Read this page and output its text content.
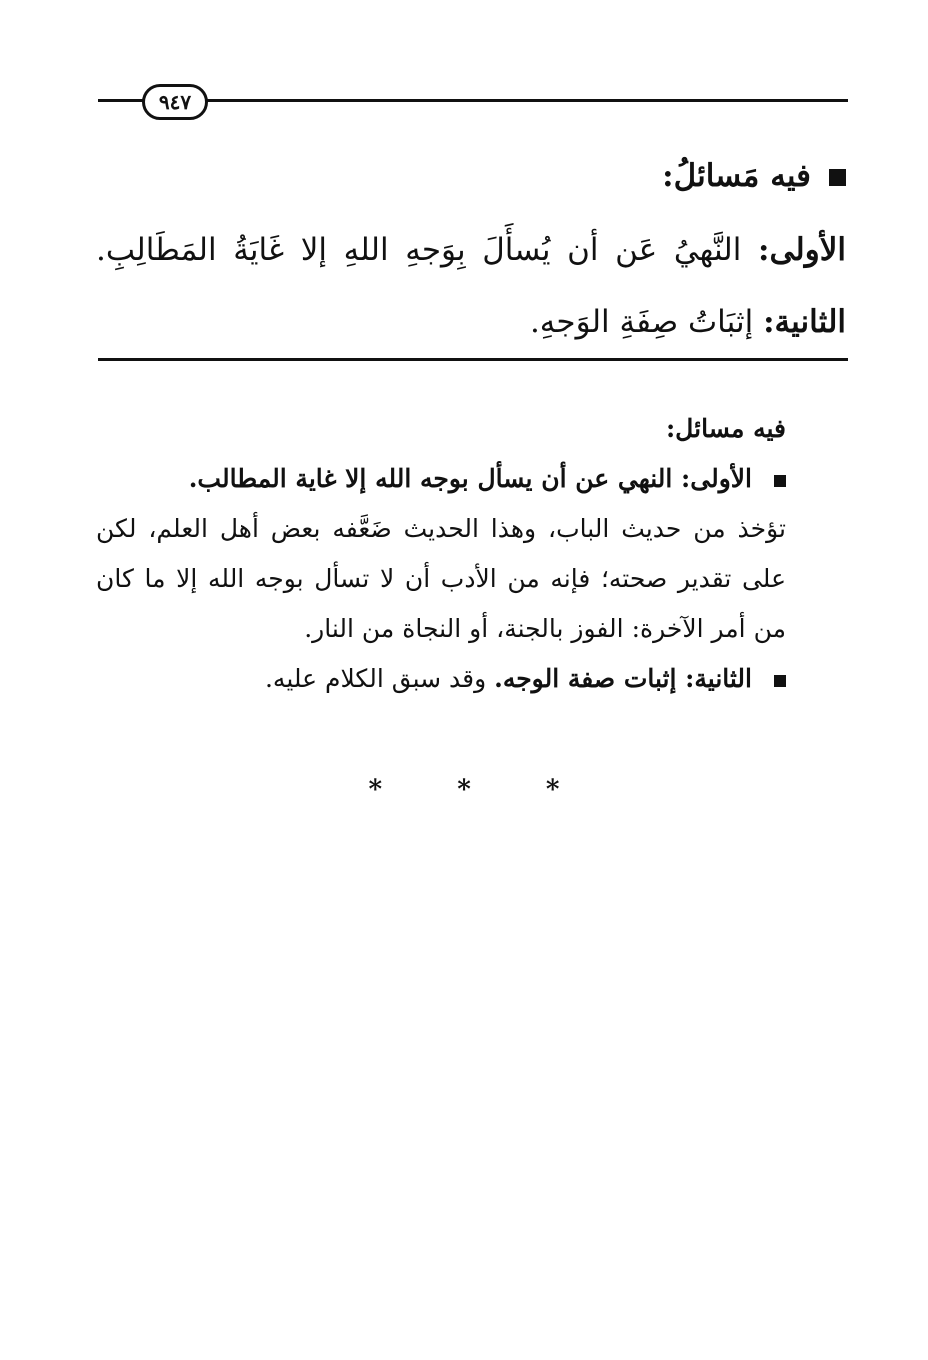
٩٤٧
فيه مَسائلُ:
الأولى: النَّهيُ عَن أن يُسأَلَ بِوَجهِ اللهِ إلا غَايَةُ المَطَالِبِ. الثانية: إثبَاتُ صِفَةِ الوَجهِ.

فيه مسائل:

الأولى: النهي عن أن يسأل بوجه الله إلا غاية المطالب.

تؤخذ من حديث الباب، وهذا الحديث ضَعَّفه بعض أهل العلم، لكن على تقدير صحته؛ فإنه من الأدب أن لا تسأل بوجه الله إلا ما كان من أمر الآخرة: الفوز بالجنة، أو النجاة من النار.

الثانية: إثبات صفة الوجه. وقد سبق الكلام عليه.

*	*	*
